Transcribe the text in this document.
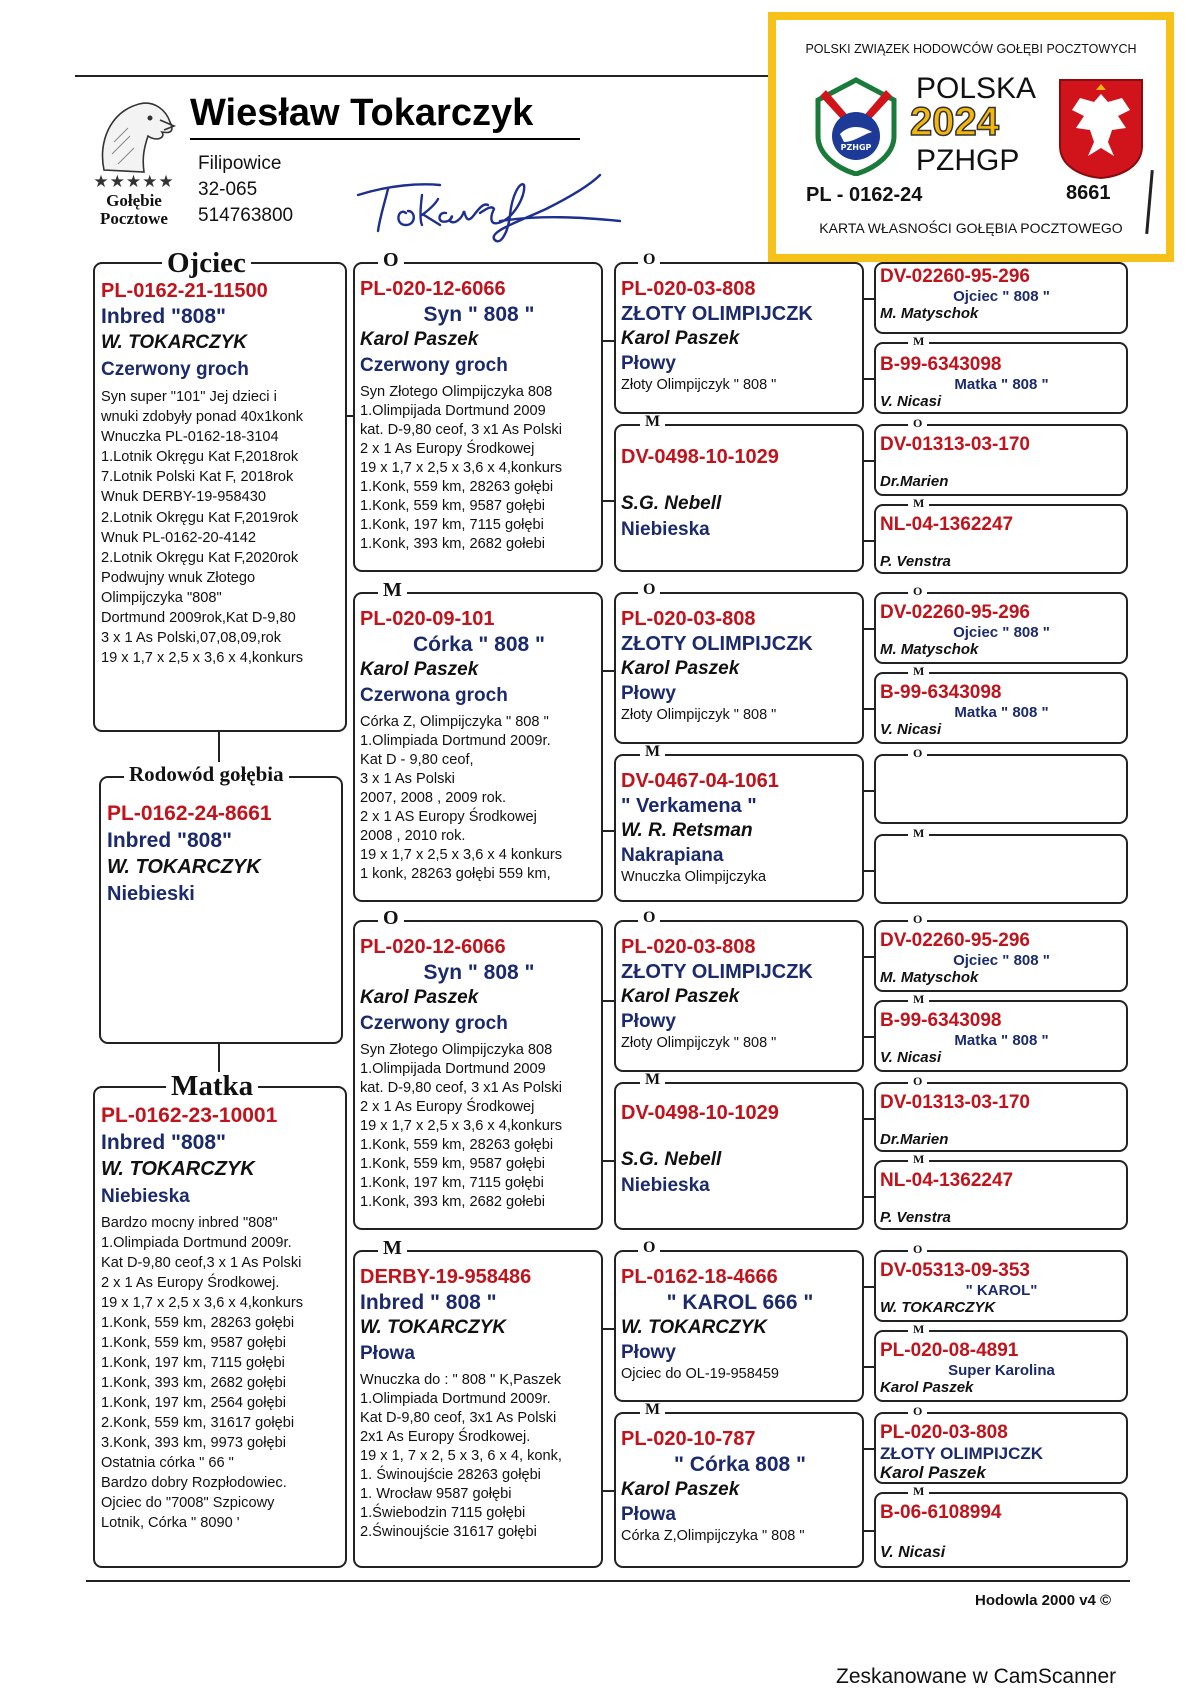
★★★★★
Gołębie
Pocztowe
Wiesław Tokarczyk
Filipowice
32-065
514763800
POLSKI ZWIĄZEK HODOWCÓW GOŁĘBI POCZTOWYCH
PZHGP
POLSKA
2024
PZHGP
PL - 0162-24	8661
KARTA WŁASNOŚCI GOŁĘBIA POCZTOWEGO
PL-0162-21-11500
Inbred "808"
W. TOKARCZYK
Czerwony groch
Syn super "101" Jej dzieci i
wnuki zdobyły ponad 40x1konk
Wnuczka PL-0162-18-3104
1.Lotnik Okręgu Kat F,2018rok
7.Lotnik Polski Kat F, 2018rok
Wnuk DERBY-19-958430
2.Lotnik Okręgu Kat F,2019rok
Wnuk PL-0162-20-4142
2.Lotnik Okręgu Kat F,2020rok
Podwujny wnuk Złotego
Olimpijczyka "808"
Dortmund 2009rok,Kat D-9,80
3 x 1 As Polski,07,08,09,rok
19 x 1,7 x 2,5 x 3,6 x 4,konkurs
Ojciec
PL-0162-24-8661
Inbred "808"
W. TOKARCZYK
Niebieski
Rodowód gołębia
PL-0162-23-10001
Inbred "808"
W. TOKARCZYK
Niebieska
Bardzo mocny inbred "808"
1.Olimpiada Dortmund 2009r.
Kat D-9,80 ceof,3 x 1 As Polski
2 x 1 As Europy Środkowej.
19 x 1,7 x 2,5 x 3,6 x 4,konkurs
1.Konk, 559 km, 28263 gołębi
1.Konk, 559 km, 9587 gołębi
1.Konk, 197 km, 7115 gołębi
1.Konk, 393 km, 2682 gołębi
1.Konk, 197 km, 2564 gołębi
2.Konk, 559 km, 31617 gołębi
3.Konk, 393 km, 9973 gołębi
Ostatnia córka " 66 "
Bardzo dobry Rozpłodowiec.
Ojciec do "7008" Szpicowy
Lotnik, Córka " 8090 '
Matka
PL-020-12-6066
Syn " 808 "
Karol Paszek
Czerwony groch
Syn Złotego Olimpijczyka 808
1.Olimpijada Dortmund 2009
kat. D-9,80 ceof, 3 x1 As Polski
2 x 1 As Europy Środkowej
19 x 1,7 x 2,5 x 3,6 x 4,konkurs
1.Konk, 559 km, 28263 gołębi
1.Konk, 559 km, 9587 gołębi
1.Konk, 197 km, 7115 gołębi
1.Konk, 393 km, 2682 gołebi
O
PL-020-09-101
Córka " 808 "
Karol Paszek
Czerwona groch
Córka Z, Olimpijczyka " 808 "
1.Olimpiada Dortmund 2009r.
Kat D - 9,80 ceof,
3 x 1 As Polski
2007, 2008 , 2009 rok.
2 x 1 AS Europy Środkowej
2008 , 2010 rok.
19 x 1,7 x 2,5 x 3,6 x 4 konkurs
1 konk, 28263 gołębi 559 km,
M
PL-020-12-6066
Syn " 808 "
Karol Paszek
Czerwony groch
Syn Złotego Olimpijczyka 808
1.Olimpijada Dortmund 2009
kat. D-9,80 ceof, 3 x1 As Polski
2 x 1 As Europy Środkowej
19 x 1,7 x 2,5 x 3,6 x 4,konkurs
1.Konk, 559 km, 28263 gołębi
1.Konk, 559 km, 9587 gołębi
1.Konk, 197 km, 7115 gołębi
1.Konk, 393 km, 2682 gołebi
O
DERBY-19-958486
Inbred " 808 "
W. TOKARCZYK
Płowa
Wnuczka do : " 808 " K,Paszek
1.Olimpiada Dortmund 2009r.
Kat D-9,80 ceof, 3x1 As Polski
2x1 As Europy Środkowej.
19 x 1, 7 x 2, 5 x 3, 6 x 4, konk,
1. Świnoujście 28263 gołębi
1. Wrocław 9587 gołębi
1.Świebodzin 7115 gołębi
2.Świnoujście 31617 gołębi
M
PL-020-03-808
ZŁOTY OLIMPIJCZK
Karol Paszek
Płowy
Złoty Olimpijczyk " 808 "
O
DV-0498-10-1029
S.G. Nebell
Niebieska
M
PL-020-03-808
ZŁOTY OLIMPIJCZK
Karol Paszek
Płowy
Złoty Olimpijczyk " 808 "
O
DV-0467-04-1061
" Verkamena "
W. R. Retsman
Nakrapiana
Wnuczka Olimpijczyka
M
PL-020-03-808
ZŁOTY OLIMPIJCZK
Karol Paszek
Płowy
Złoty Olimpijczyk " 808 "
O
DV-0498-10-1029
S.G. Nebell
Niebieska
M
PL-0162-18-4666
" KAROL 666 "
W. TOKARCZYK
Płowy
Ojciec do OL-19-958459
O
PL-020-10-787
" Córka 808 "
Karol Paszek
Płowa
Córka Z,Olimpijczyka " 808 "
M
DV-02260-95-296
Ojciec " 808 "
M. Matyschok
B-99-6343098
Matka " 808 "
V. Nicasi
M
DV-01313-03-170
Dr.Marien
O
NL-04-1362247
P. Venstra
M
DV-02260-95-296
Ojciec " 808 "
M. Matyschok
O
B-99-6343098
Matka " 808 "
V. Nicasi
M
O
M
DV-02260-95-296
Ojciec " 808 "
M. Matyschok
O
B-99-6343098
Matka " 808 "
V. Nicasi
M
DV-01313-03-170
Dr.Marien
O
NL-04-1362247
P. Venstra
M
DV-05313-09-353
" KAROL"
W. TOKARCZYK
O
PL-020-08-4891
Super Karolina
Karol Paszek
M
PL-020-03-808
ZŁOTY OLIMPIJCZK
Karol Paszek
O
B-06-6108994
V. Nicasi
M
Hodowla 2000 v4 ©
Zeskanowane w CamScanner
